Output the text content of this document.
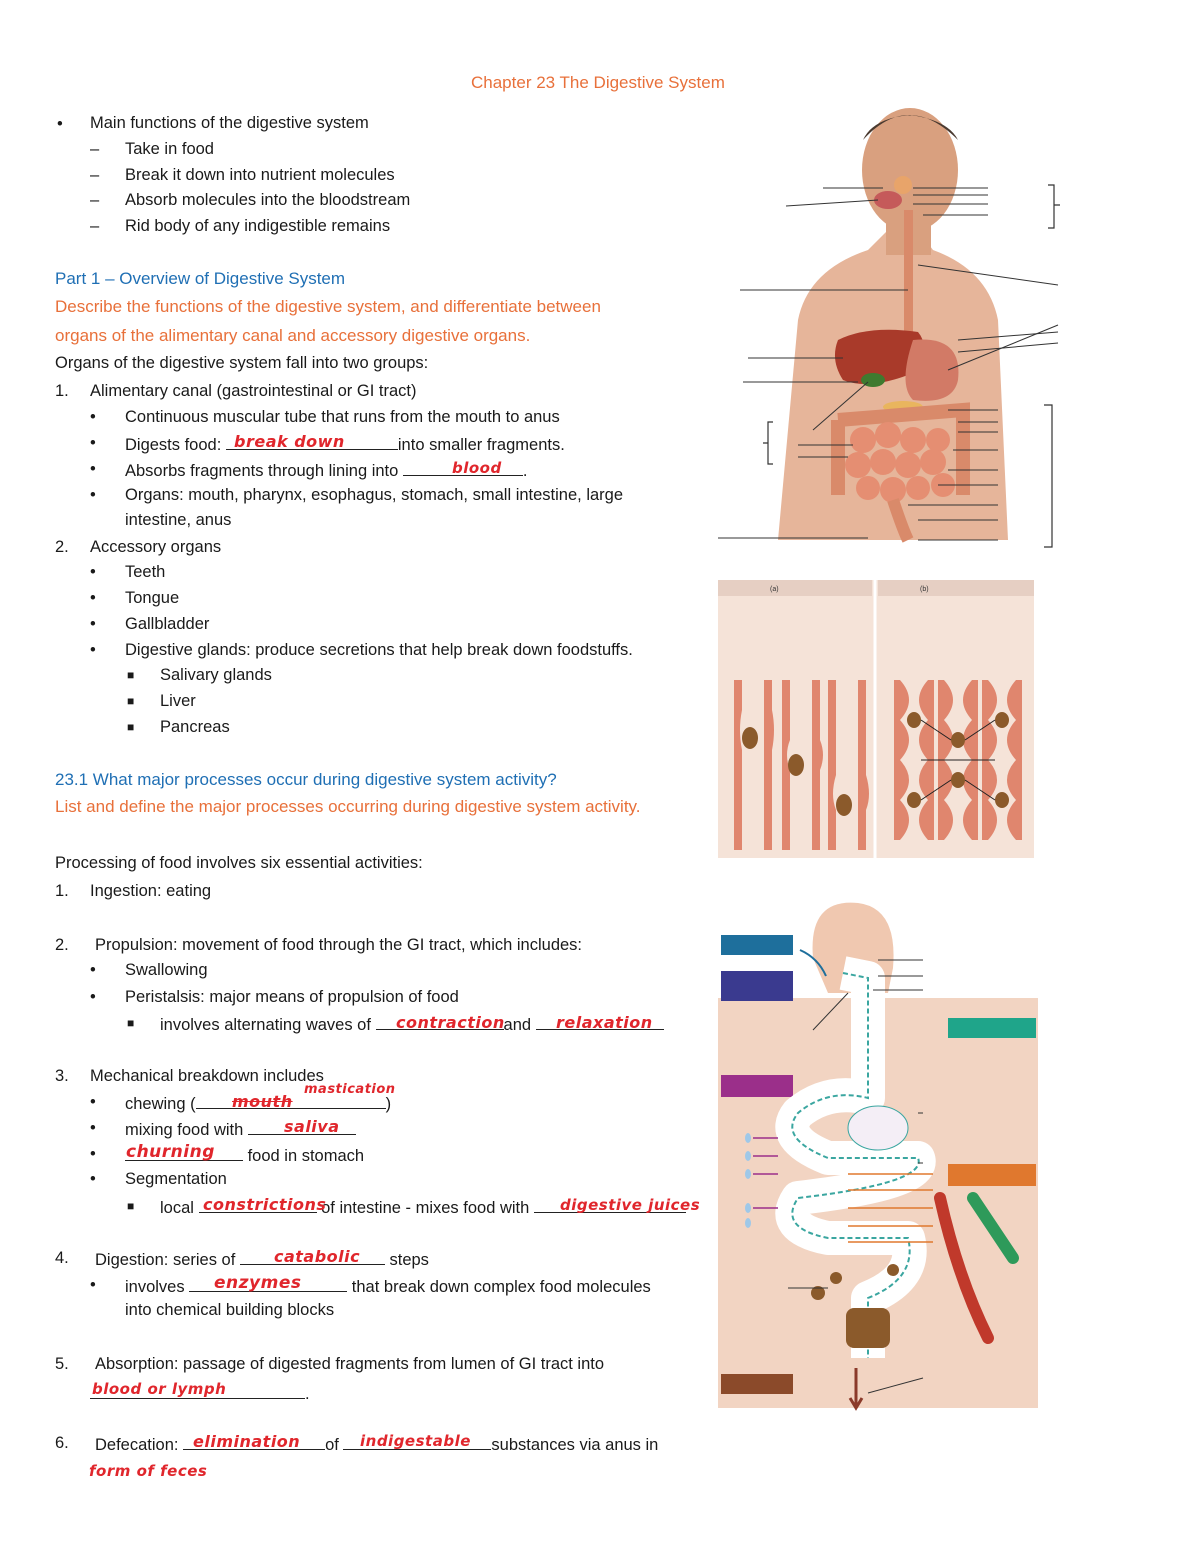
Chapter 23 The Digestive System
• Main functions of the digestive system
– Take in food
– Break it down into nutrient molecules
– Absorb molecules into the bloodstream
– Rid body of any indigestible remains
Part 1 – Overview of Digestive System
Describe the functions of the digestive system, and differentiate between
organs of the alimentary canal and accessory digestive organs.
Organs of the digestive system fall into two groups:
1. Alimentary canal (gastrointestinal or GI tract)
• Continuous muscular tube that runs from the mouth to anus
• Digests food:	into smaller fragments.
break down
• Absorbs fragments through lining into	.
blood
• Organs: mouth, pharynx, esophagus, stomach, small intestine, large
intestine, anus
2. Accessory organs
• Teeth
• Tongue
• Gallbladder
• Digestive glands: produce secretions that help break down foodstuffs.
■ Salivary glands
■ Liver
■ Pancreas
23.1 What major processes occur during digestive system activity?
List and define the major processes occurring during digestive system activity.
Processing of food involves six essential activities:
1. Ingestion: eating
2. Propulsion: movement of food through the GI tract, which includes:
• Swallowing
• Peristalsis: major means of propulsion of food
■ involves alternating waves of	and
contraction	relaxation
3. Mechanical breakdown includes
• chewing (	)
mouth
mastication
• mixing food with	saliva
•	food in stomach
churning
• Segmentation
■ local	of intestine - mixes food with
constrictions	digestive juices
4. Digestion: series of	steps
catabolic
• involves	that break down complex food molecules
enzymes
into chemical building blocks
5. Absorption: passage of digested fragments from lumen of GI tract into
.
blood or lymph
6. Defecation:	of	substances via anus in
elimination	indigestable
form of feces
(a)	(b)
